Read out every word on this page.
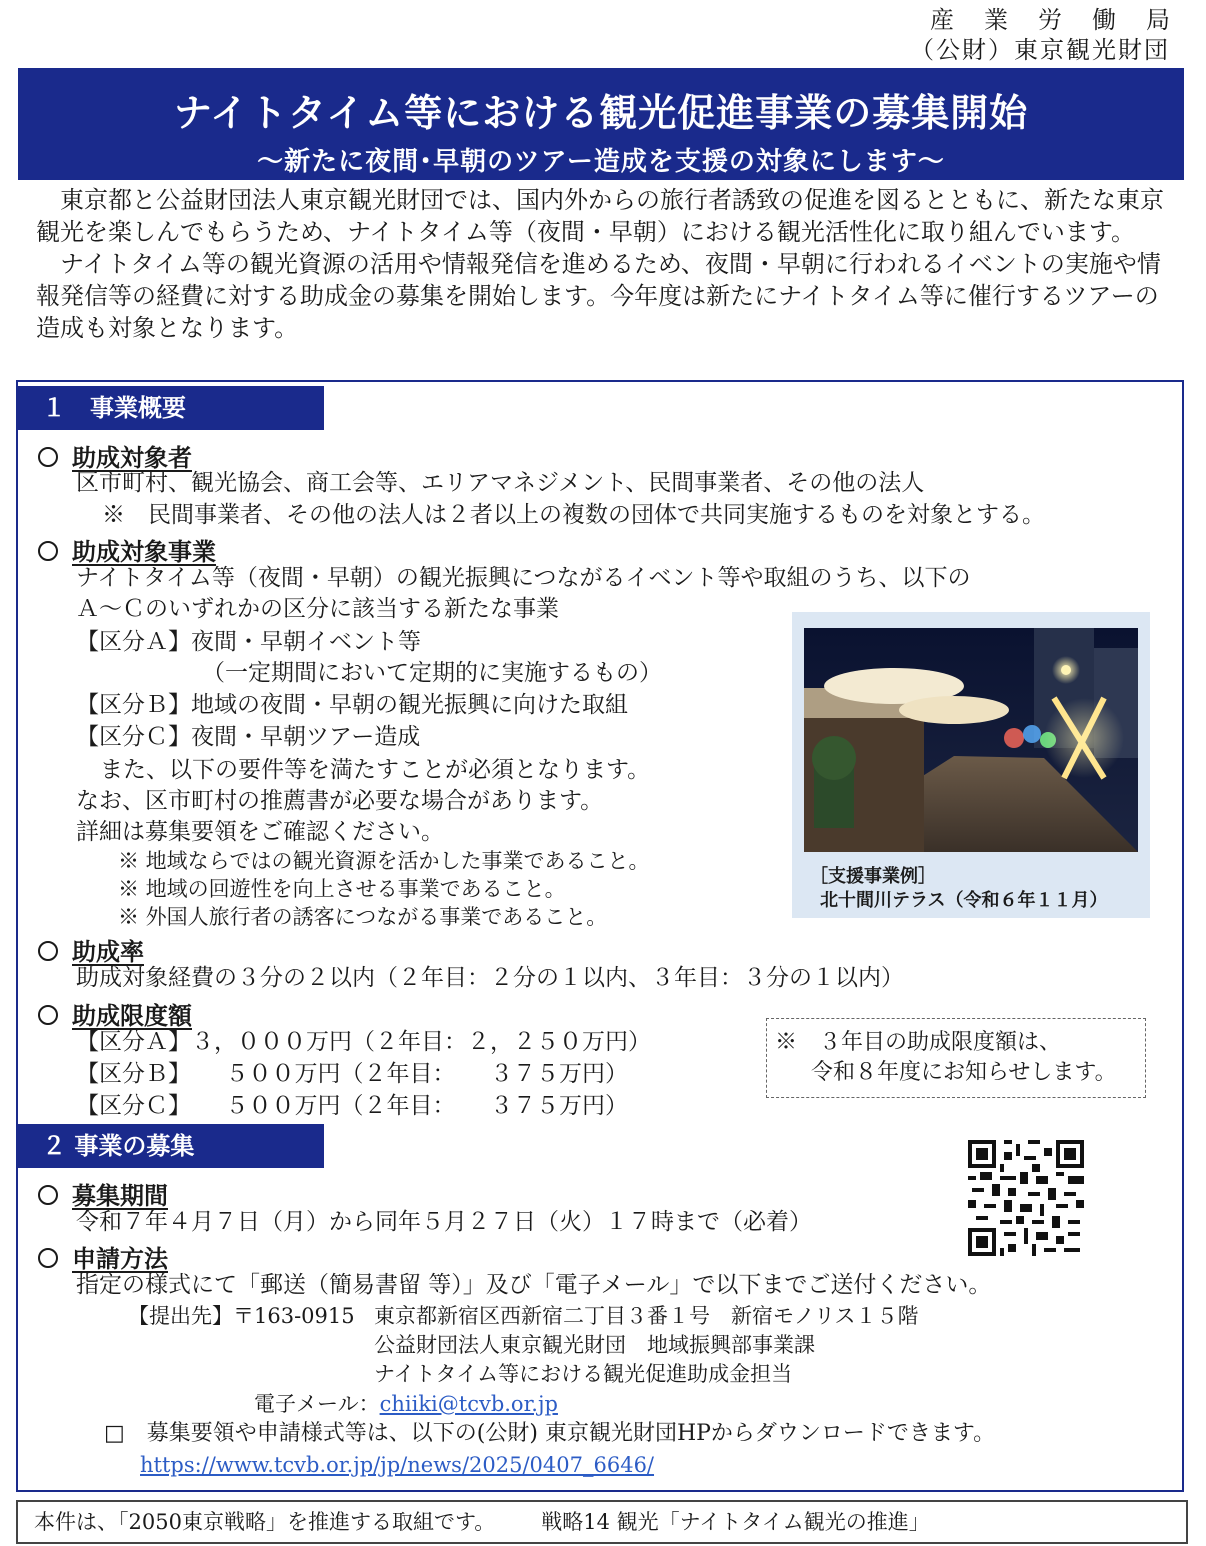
産業労働局
（公財）東京観光財団
ナイトタイム等における観光促進事業の募集開始
～新たに夜間･早朝のツアー造成を支援の対象にします～

東京都と公益財団法人東京観光財団では、国内外からの旅行者誘致の促進を図るとともに、新たな東京観光を楽しんでもらうため、ナイトタイム等（夜間・早朝）における観光活性化に取り組んでいます。

ナイトタイム等の観光資源の活用や情報発信を進めるため、夜間・早朝に行われるイベントの実施や情報発信等の経費に対する助成金の募集を開始します。今年度は新たにナイトタイム等に催行するツアーの造成も対象となります。

１　事業概要
助成対象者
区市町村、観光協会、商工会等、エリアマネジメント、民間事業者、その他の法人
※　民間事業者、その他の法人は２者以上の複数の団体で共同実施するものを対象とする。
助成対象事業
ナイトタイム等（夜間・早朝）の観光振興につながるイベント等や取組のうち、以下の
Ａ～Ｃのいずれかの区分に該当する新たな事業
【区分Ａ】夜間・早朝イベント等
（一定期間において定期的に実施するもの）
【区分Ｂ】地域の夜間・早朝の観光振興に向けた取組
【区分Ｃ】夜間・早朝ツアー造成
また、以下の要件等を満たすことが必須となります。
なお、区市町村の推薦書が必要な場合があります。
詳細は募集要領をご確認ください。
※ 地域ならではの観光資源を活かした事業であること。
※ 地域の回遊性を向上させる事業であること。
※ 外国人旅行者の誘客につながる事業であること。
［支援事業例］
北十間川テラス（令和６年１１月）
助成率
助成対象経費の３分の２以内（２年目：２分の１以内、３年目：３分の１以内）
助成限度額
【区分Ａ】３，０００万円（２年目：２，２５０万円）
【区分Ｂ】　　５００万円（２年目：　　３７５万円）
【区分Ｃ】　　５００万円（２年目：　　３７５万円）
※　３年目の助成限度額は、
令和８年度にお知らせします。
２ 事業の募集
募集期間
令和７年４月７日（月）から同年５月２７日（火）１７時まで（必着）
申請方法
指定の様式にて「郵送（簡易書留 等）」及び「電子メール」で以下までご送付ください。
【提出先】〒163-0915 東京都新宿区西新宿二丁目３番１号　新宿モノリス１５階
公益財団法人東京観光財団　地域振興部事業課
ナイトタイム等における観光促進助成金担当
電子メール：chiiki@tcvb.or.jp
□　募集要領や申請様式等は、以下の(公財) 東京観光財団HPからダウンロードできます。
https://www.tcvb.or.jp/jp/news/2025/0407_6646/
本件は、「2050東京戦略」を推進する取組です。 戦略14 観光「ナイトタイム観光の推進」
